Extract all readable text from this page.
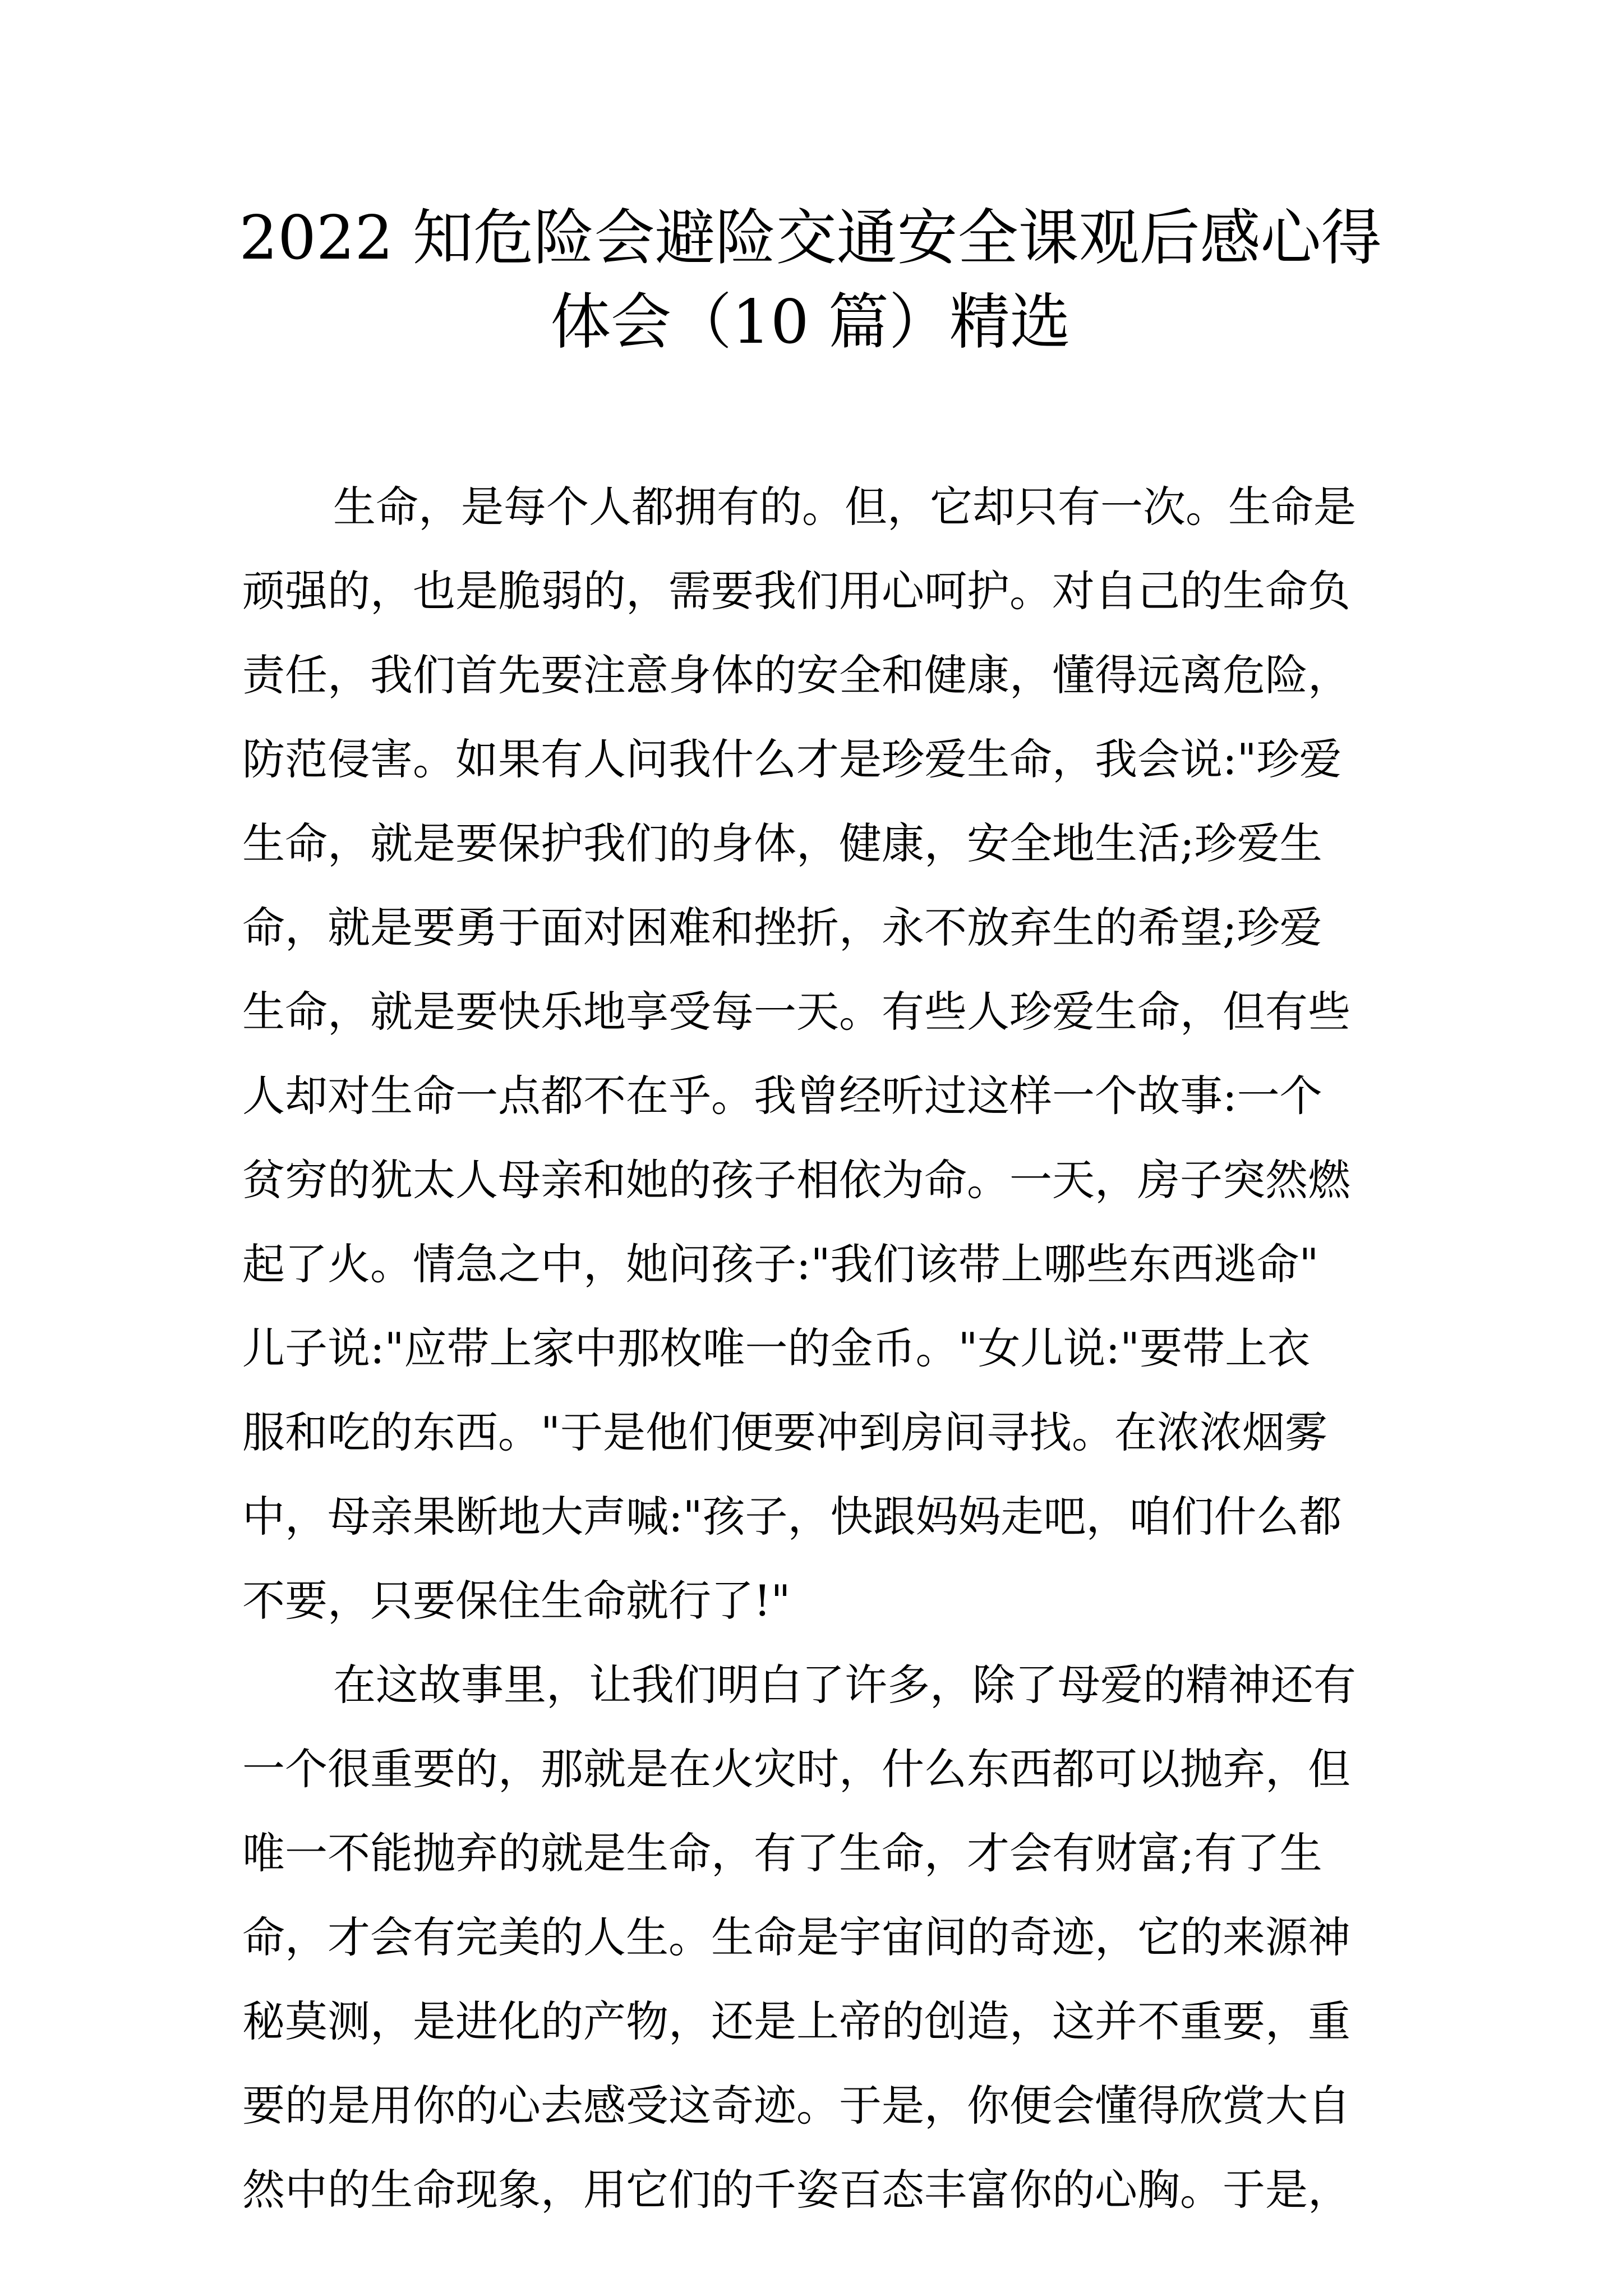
2022 知危险会避险交通安全课观后感心得
体会（10 篇）精选
生命，是每个人都拥有的。但，它却只有一次。生命是
顽强的，也是脆弱的，需要我们用心呵护。对自己的生命负
责任，我们首先要注意身体的安全和健康，懂得远离危险，
防范侵害。如果有人问我什么才是珍爱生命，我会说:"珍爱
生命，就是要保护我们的身体，健康，安全地生活;珍爱生
命，就是要勇于面对困难和挫折，永不放弃生的希望;珍爱
生命，就是要快乐地享受每一天。有些人珍爱生命，但有些
人却对生命一点都不在乎。我曾经听过这样一个故事:一个
贫穷的犹太人母亲和她的孩子相依为命。一天，房子突然燃
起了火。情急之中，她问孩子:"我们该带上哪些东西逃命"
儿子说:"应带上家中那枚唯一的金币。"女儿说:"要带上衣
服和吃的东西。"于是他们便要冲到房间寻找。在浓浓烟雾
中，母亲果断地大声喊:"孩子，快跟妈妈走吧，咱们什么都
不要，只要保住生命就行了!"
在这故事里，让我们明白了许多，除了母爱的精神还有
一个很重要的，那就是在火灾时，什么东西都可以抛弃，但
唯一不能抛弃的就是生命，有了生命，才会有财富;有了生
命，才会有完美的人生。生命是宇宙间的奇迹，它的来源神
秘莫测，是进化的产物，还是上帝的创造，这并不重要，重
要的是用你的心去感受这奇迹。于是，你便会懂得欣赏大自
然中的生命现象，用它们的千姿百态丰富你的心胸。于是，
